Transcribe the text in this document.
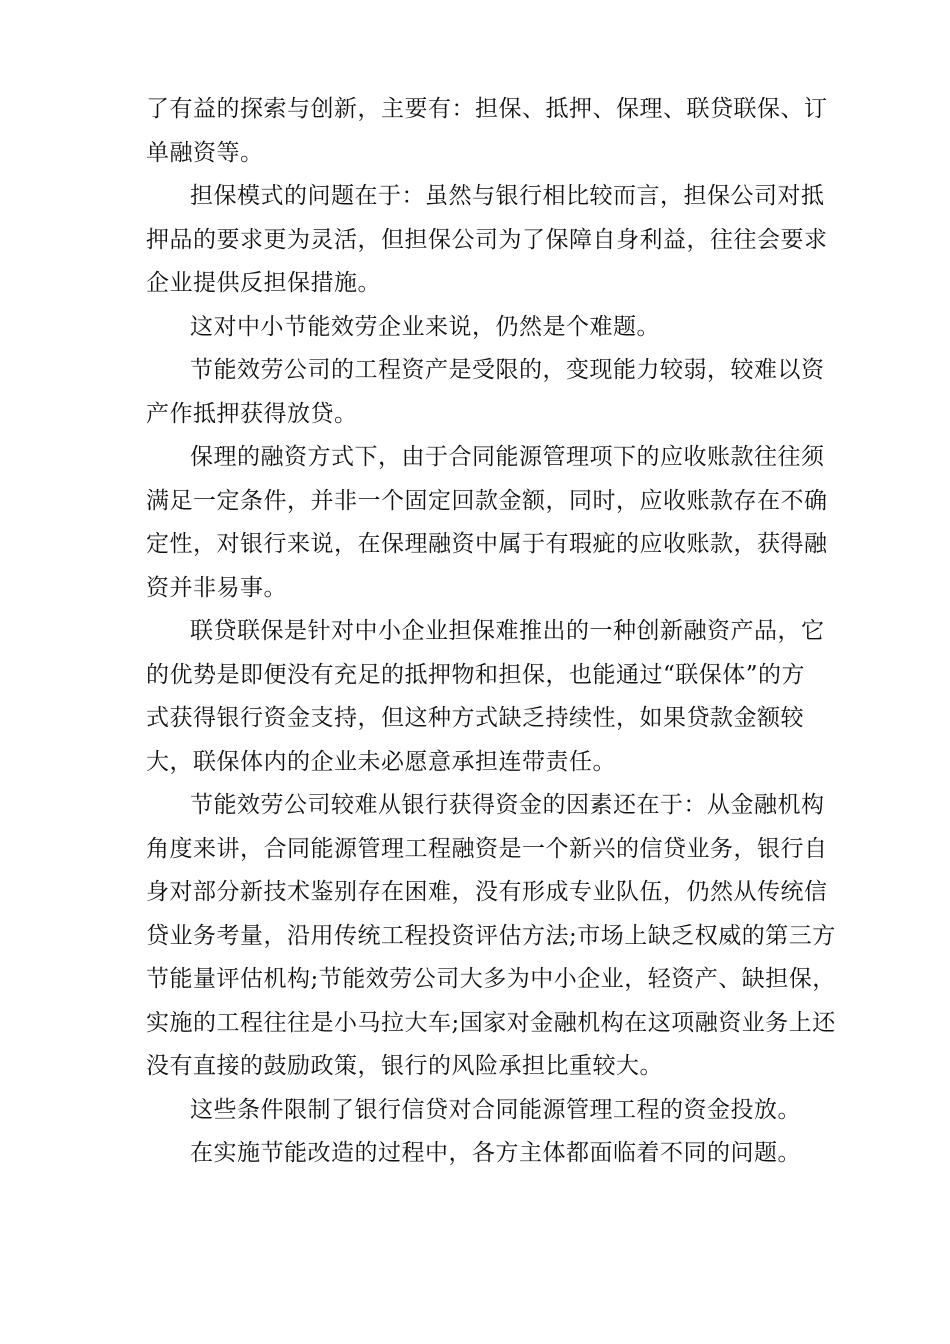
了有益的探索与创新，主要有：担保、抵押、保理、联贷联保、订
单融资等。

担保模式的问题在于：虽然与银行相比较而言，担保公司对抵
押品的要求更为灵活，但担保公司为了保障自身利益，往往会要求
企业提供反担保措施。

这对中小节能效劳企业来说，仍然是个难题。

节能效劳公司的工程资产是受限的，变现能力较弱，较难以资
产作抵押获得放贷。

保理的融资方式下，由于合同能源管理项下的应收账款往往须
满足一定条件，并非一个固定回款金额，同时，应收账款存在不确
定性，对银行来说，在保理融资中属于有瑕疵的应收账款，获得融
资并非易事。

联贷联保是针对中小企业担保难推出的一种创新融资产品，它
的优势是即便没有充足的抵押物和担保，也能通过“联保体”的方
式获得银行资金支持，但这种方式缺乏持续性，如果贷款金额较
大，联保体内的企业未必愿意承担连带责任。

节能效劳公司较难从银行获得资金的因素还在于：从金融机构
角度来讲，合同能源管理工程融资是一个新兴的信贷业务，银行自
身对部分新技术鉴别存在困难，没有形成专业队伍，仍然从传统信
贷业务考量，沿用传统工程投资评估方法;市场上缺乏权威的第三方
节能量评估机构;节能效劳公司大多为中小企业，轻资产、缺担保，
实施的工程往往是小马拉大车;国家对金融机构在这项融资业务上还
没有直接的鼓励政策，银行的风险承担比重较大。

这些条件限制了银行信贷对合同能源管理工程的资金投放。

在实施节能改造的过程中，各方主体都面临着不同的问题。
